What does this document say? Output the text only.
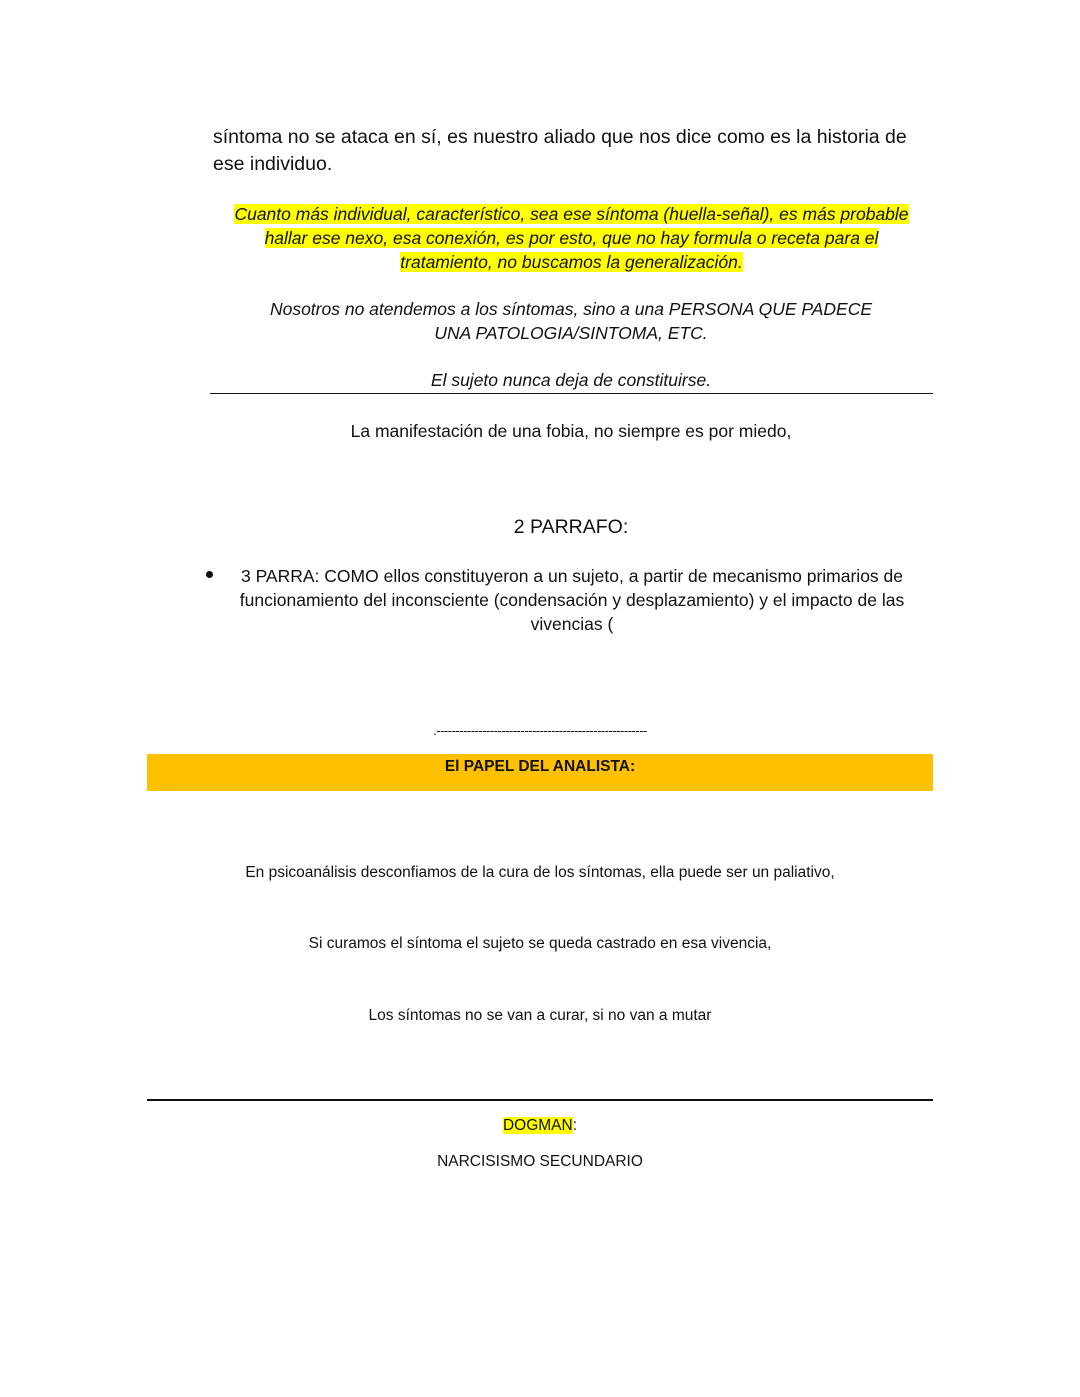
síntoma no se ataca en sí, es nuestro aliado que nos dice como es la historia de ese individuo.
Cuanto más individual, característico, sea ese síntoma (huella-señal), es más probable hallar ese nexo, esa conexión, es por esto, que no hay formula o receta para el tratamiento, no buscamos la generalización.
Nosotros no atendemos a los síntomas, sino a una PERSONA QUE PADECE UNA PATOLOGIA/SINTOMA, ETC.
El sujeto nunca deja de constituirse.
La manifestación de una fobia, no siempre es por miedo,
2 PARRAFO:
3 PARRA: COMO ellos constituyeron a un sujeto, a partir de mecanismo primarios de funcionamiento del inconsciente (condensación y desplazamiento) y el impacto de las vivencias (
.-------------------------------------------------------
El PAPEL DEL ANALISTA:
En psicoanálisis desconfiamos de la cura de los síntomas, ella puede ser un paliativo,
Si curamos el síntoma el sujeto se queda castrado en esa vivencia,
Los síntomas no se van a curar, si no van a mutar
DOGMAN:
NARCISISMO SECUNDARIO
